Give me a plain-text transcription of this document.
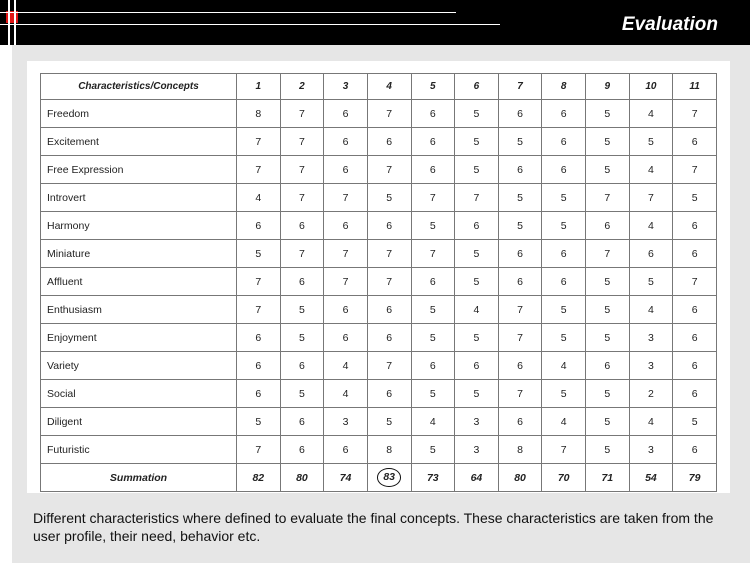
Evaluation
Characteristics/Concepts	1	2	3	4	5	6	7	8	9	10	11
Freedom	8	7	6	7	6	5	6	6	5	4	7
Excitement	7	7	6	6	6	5	5	6	5	5	6
Free Expression	7	7	6	7	6	5	6	6	5	4	7
Introvert	4	7	7	5	7	7	5	5	7	7	5
Harmony	6	6	6	6	5	6	5	5	6	4	6
Miniature	5	7	7	7	7	5	6	6	7	6	6
Affluent	7	6	7	7	6	5	6	6	5	5	7
Enthusiasm	7	5	6	6	5	4	7	5	5	4	6
Enjoyment	6	5	6	6	5	5	7	5	5	3	6
Variety	6	6	4	7	6	6	6	4	6	3	6
Social	6	5	4	6	5	5	7	5	5	2	6
Diligent	5	6	3	5	4	3	6	4	5	4	5
Futuristic	7	6	6	8	5	3	8	7	5	3	6
Summation	82	80	74	83	73	64	80	70	71	54	79
Different characteristics where defined to evaluate the final concepts. These characteristics are taken from the user profile, their need, behavior etc.
